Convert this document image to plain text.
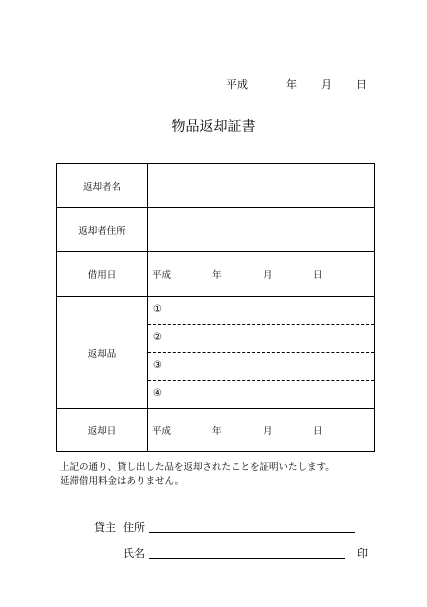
平成	年 月 日
物品返却証書
返却者名	
返却者住所	
借用日	平成 年 月 日

返却品	①
②
③
④

返却日	平成 年 月 日
上記の通り、貸し出した品を返却されたことを証明いたします。
延滞借用料金はありません。
貸主 住所
氏名	印
